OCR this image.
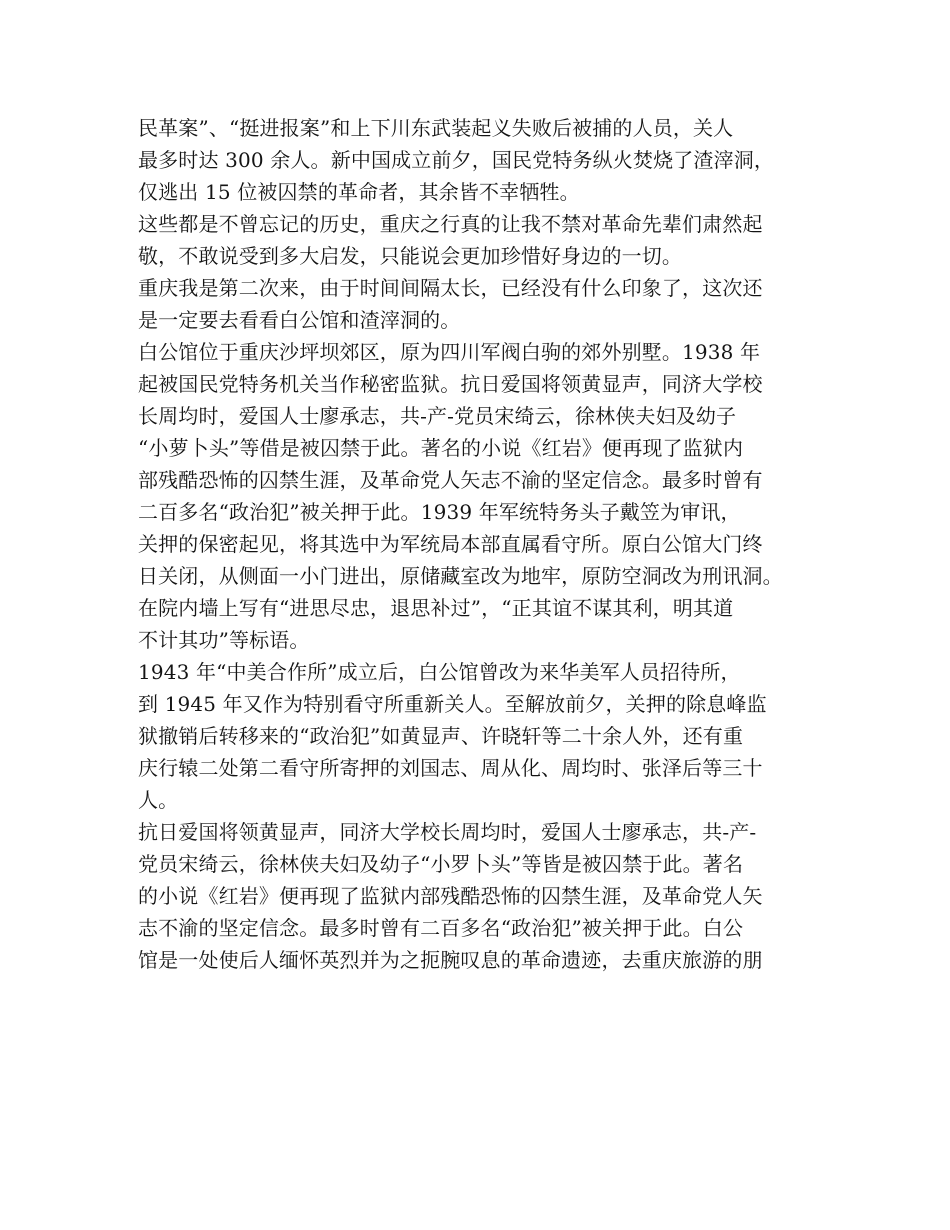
民革案”、“挺进报案”和上下川东武装起义失败后被捕的人员，关人
最多时达 300 余人。新中国成立前夕，国民党特务纵火焚烧了渣滓洞，
仅逃出 15 位被囚禁的革命者，其余皆不幸牺牲。
这些都是不曾忘记的历史，重庆之行真的让我不禁对革命先辈们肃然起
敬，不敢说受到多大启发，只能说会更加珍惜好身边的一切。
重庆我是第二次来，由于时间间隔太长，已经没有什么印象了，这次还
是一定要去看看白公馆和渣滓洞的。
白公馆位于重庆沙坪坝郊区，原为四川军阀白驹的郊外别墅。1938 年
起被国民党特务机关当作秘密监狱。抗日爱国将领黄显声，同济大学校
长周均时，爱国人士廖承志，共-产-党员宋绮云，徐林侠夫妇及幼子
“小萝卜头”等借是被囚禁于此。著名的小说《红岩》便再现了监狱内
部残酷恐怖的囚禁生涯，及革命党人矢志不渝的坚定信念。最多时曾有
二百多名“政治犯”被关押于此。1939 年军统特务头子戴笠为审讯，
关押的保密起见，将其选中为军统局本部直属看守所。原白公馆大门终
日关闭，从侧面一小门进出，原储藏室改为地牢，原防空洞改为刑讯洞。
在院内墙上写有“进思尽忠，退思补过”，“正其谊不谋其利，明其道
不计其功”等标语。
1943 年“中美合作所”成立后，白公馆曾改为来华美军人员招待所，
到 1945 年又作为特别看守所重新关人。至解放前夕，关押的除息峰监
狱撤销后转移来的“政治犯”如黄显声、许晓轩等二十余人外，还有重
庆行辕二处第二看守所寄押的刘国志、周从化、周均时、张泽后等三十
人。
抗日爱国将领黄显声，同济大学校长周均时，爱国人士廖承志，共-产-
党员宋绮云，徐林侠夫妇及幼子“小罗卜头”等皆是被囚禁于此。著名
的小说《红岩》便再现了监狱内部残酷恐怖的囚禁生涯，及革命党人矢
志不渝的坚定信念。最多时曾有二百多名“政治犯”被关押于此。白公
馆是一处使后人缅怀英烈并为之扼腕叹息的革命遗迹，去重庆旅游的朋
